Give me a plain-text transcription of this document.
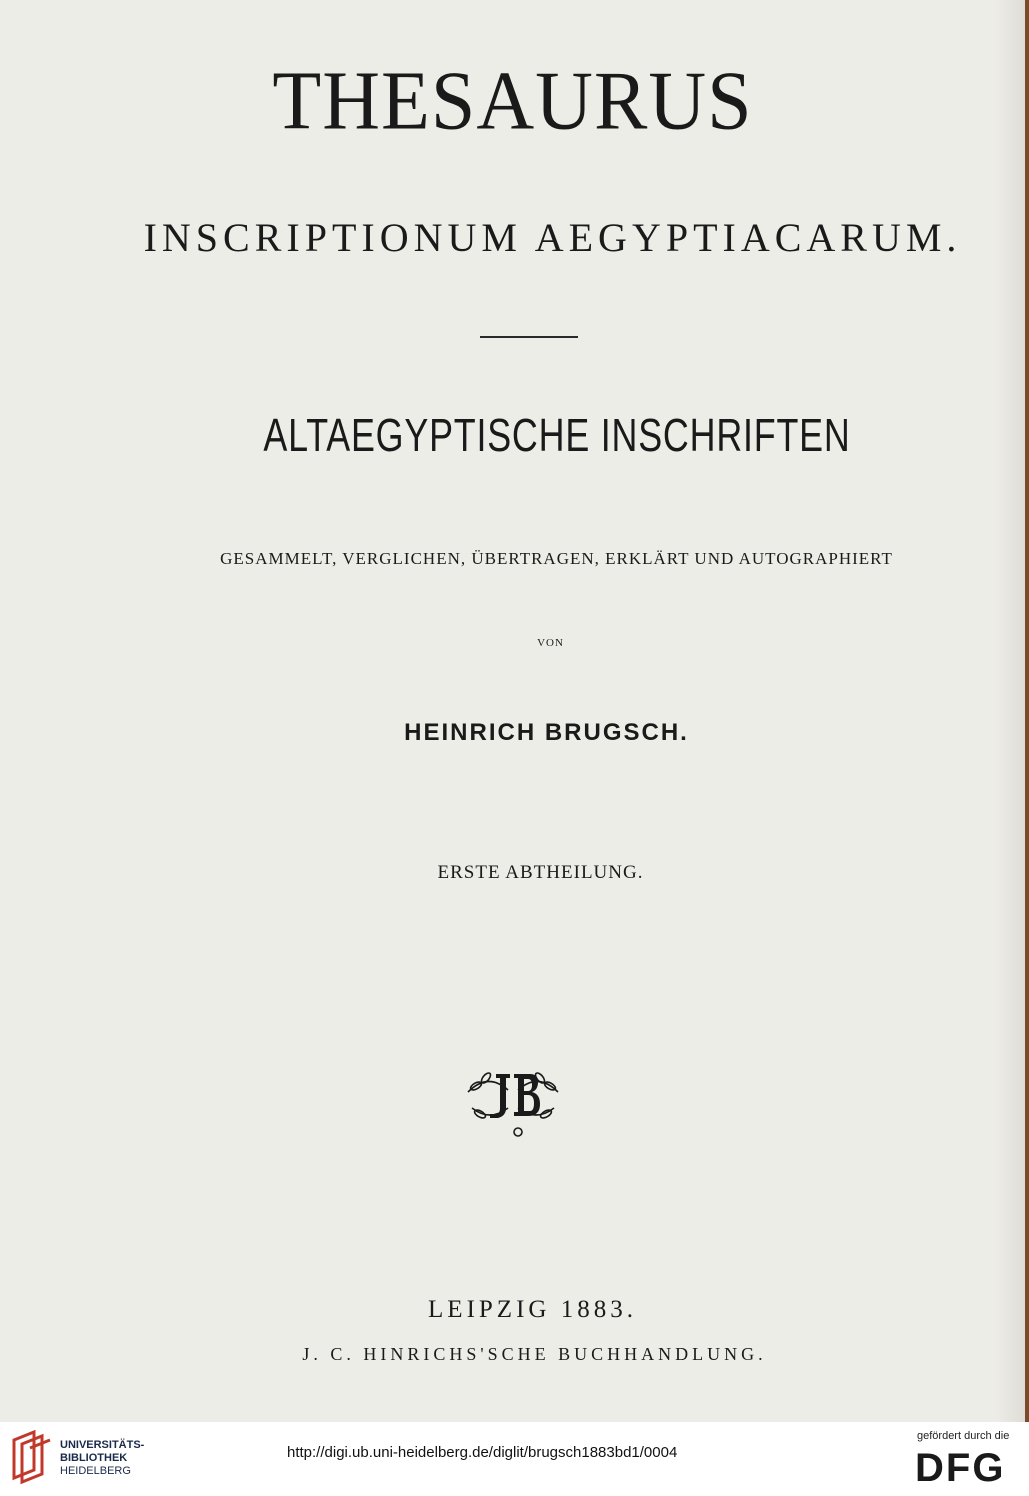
THESAURUS
INSCRIPTIONUM AEGYPTIACARUM.
ALTAEGYPTISCHE INSCHRIFTEN
GESAMMELT, VERGLICHEN, ÜBERTRAGEN, ERKLÄRT UND AUTOGRAPHIERT
VON
HEINRICH BRUGSCH.
ERSTE ABTHEILUNG.
LEIPZIG 1883.
J. C. HINRICHS'SCHE BUCHHANDLUNG.
UNIVERSITÄTS-
BIBLIOTHEK
HEIDELBERG
http://digi.ub.uni-heidelberg.de/diglit/brugsch1883bd1/0004
gefördert durch die
DFG
